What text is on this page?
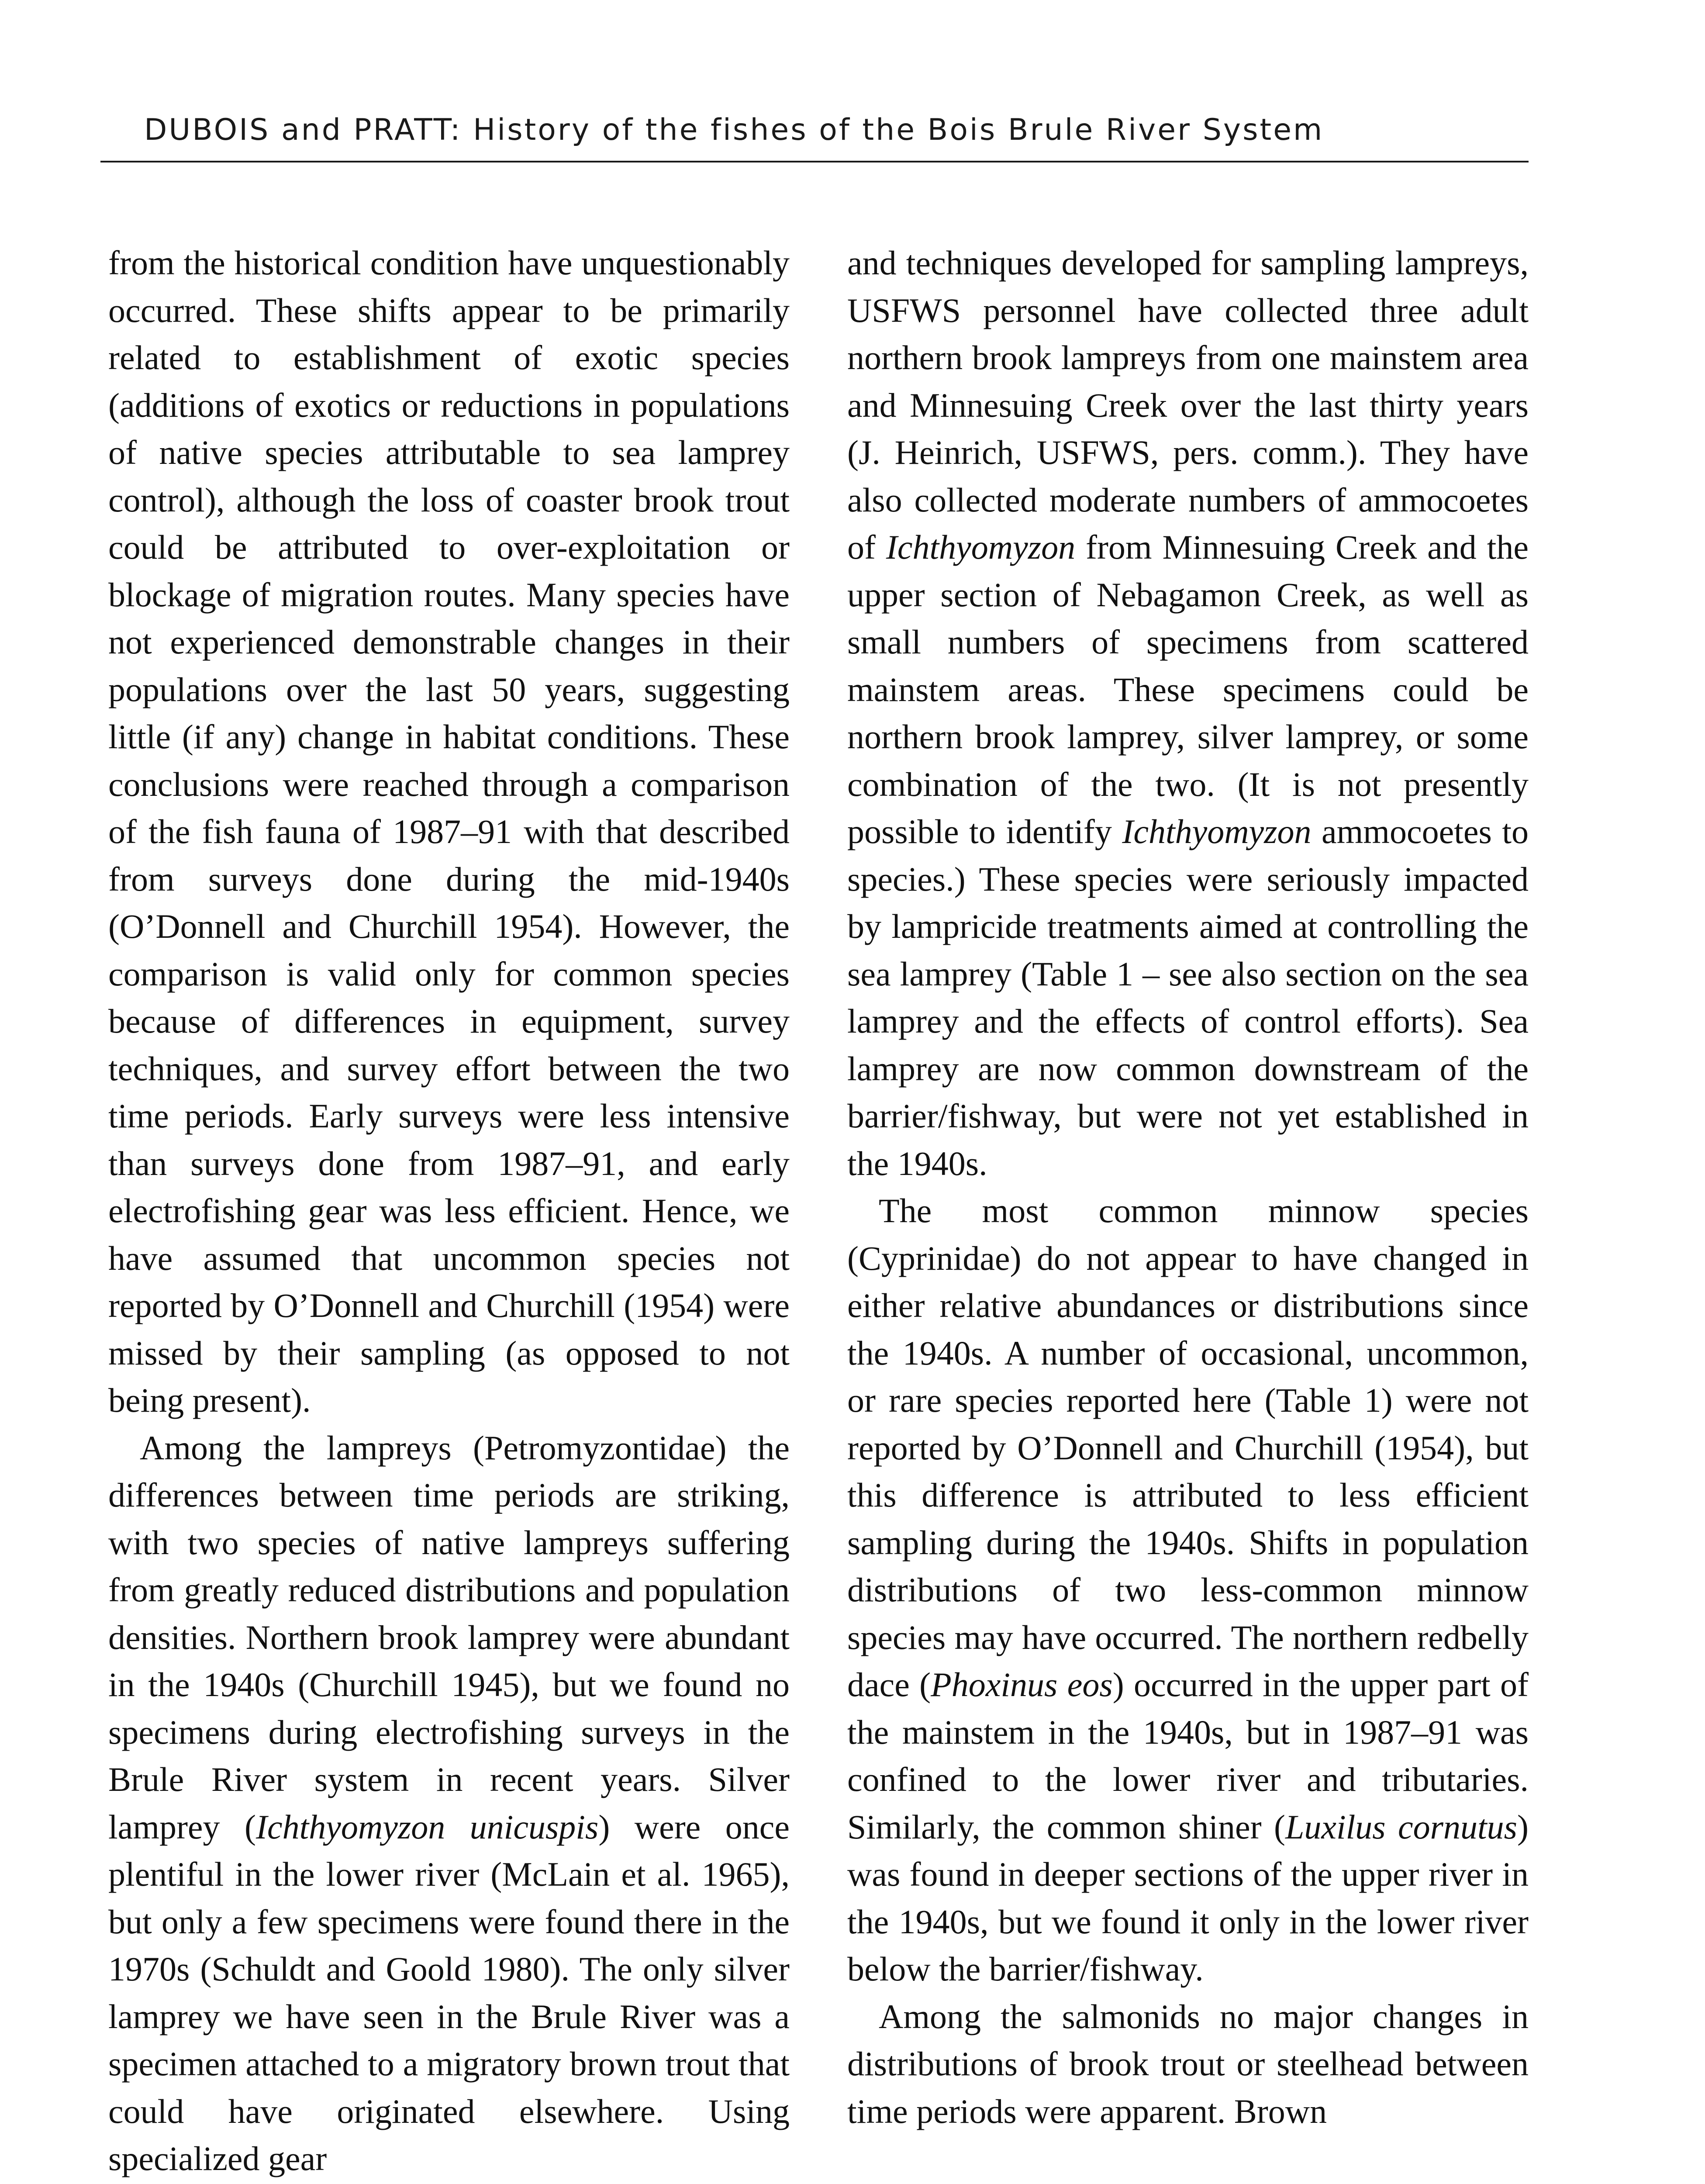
DUBOIS and PRATT: History of the fishes of the Bois Brule River System

from the historical condition have unquestionably occurred. These shifts appear to be primarily related to establishment of exotic species (additions of exotics or reductions in populations of native species attributable to sea lamprey control), although the loss of coaster brook trout could be attributed to over-exploitation or blockage of migration routes. Many species have not experienced demonstrable changes in their populations over the last 50 years, suggesting little (if any) change in habitat conditions. These conclusions were reached through a comparison of the fish fauna of 1987–91 with that described from surveys done during the mid-1940s (O’Donnell and Churchill 1954). However, the comparison is valid only for common species because of differences in equipment, survey techniques, and survey effort between the two time periods. Early surveys were less intensive than surveys done from 1987–91, and early electrofishing gear was less efficient. Hence, we have assumed that uncommon species not reported by O’Donnell and Churchill (1954) were missed by their sampling (as opposed to not being present).

Among the lampreys (Petromyzontidae) the differences between time periods are striking, with two species of native lampreys suffering from greatly reduced distributions and population densities. Northern brook lamprey were abundant in the 1940s (Churchill 1945), but we found no specimens during electrofishing surveys in the Brule River system in recent years. Silver lamprey (Ichthyomyzon unicuspis) were once plentiful in the lower river (McLain et al. 1965), but only a few specimens were found there in the 1970s (Schuldt and Goold 1980). The only silver lamprey we have seen in the Brule River was a specimen attached to a migratory brown trout that could have originated elsewhere. Using specialized gear

and techniques developed for sampling lampreys, USFWS personnel have collected three adult northern brook lampreys from one mainstem area and Minnesuing Creek over the last thirty years (J. Heinrich, USFWS, pers. comm.). They have also collected moderate numbers of ammocoetes of Ichthyomyzon from Minnesuing Creek and the upper section of Nebagamon Creek, as well as small numbers of specimens from scattered mainstem areas. These specimens could be northern brook lamprey, silver lamprey, or some combination of the two. (It is not presently possible to identify Ichthyomyzon ammocoetes to species.) These species were seriously impacted by lampricide treatments aimed at controlling the sea lamprey (Table 1 – see also section on the sea lamprey and the effects of control efforts). Sea lamprey are now common downstream of the barrier/fishway, but were not yet established in the 1940s.

The most common minnow species (Cyprinidae) do not appear to have changed in either relative abundances or distributions since the 1940s. A number of occasional, uncommon, or rare species reported here (Table 1) were not reported by O’Donnell and Churchill (1954), but this difference is attributed to less efficient sampling during the 1940s. Shifts in population distributions of two less-common minnow species may have occurred. The northern redbelly dace (Phoxinus eos) occurred in the upper part of the mainstem in the 1940s, but in 1987–91 was confined to the lower river and tributaries. Similarly, the common shiner (Luxilus cornutus) was found in deeper sections of the upper river in the 1940s, but we found it only in the lower river below the barrier/fishway.

Among the salmonids no major changes in distributions of brook trout or steelhead between time periods were apparent. Brown
